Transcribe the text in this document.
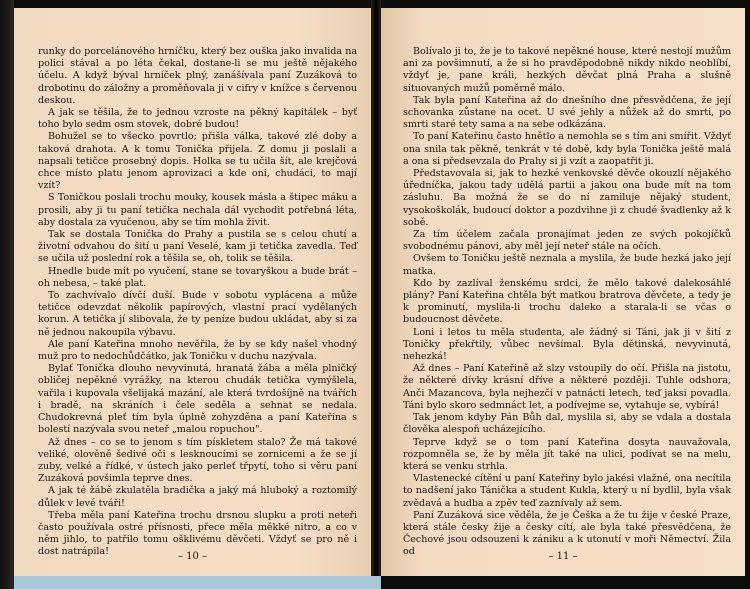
runky do porcelánového hrníčku, který bez ouška jako invalida na polici stával a po léta čekal, dostane-li se mu ještě nějakého účelu. A když býval hrníček plný, zanášívala paní Zuzáková to drobotinu do záložny a proměňovala ji v cifry v knížce s červenou deskou.

A jak se těšila, že to jednou vzroste na pěkný kapitálek – byť toho bylo sedm osm stovek, dobré budou!

Bohužel se to všecko povrtlo; přišla válka, takové zlé doby a taková drahota. A k tomu Tonička přijela. Z domu ji poslali a napsali tetičce prosebný dopis. Holka se tu učila šít, ale krejčová chce místo platu jenom aprovizaci a kde oni, chudáci, to mají vzít?

S Toničkou poslali trochu mouky, kousek másla a štipec máku a prosili, aby ji tu paní tetička nechala dál vychodit potřebná léta, aby dostala za vyučenou, aby se tím mohla živit.

Tak se dostala Tonička do Prahy a pustila se s celou chutí a životní odvahou do šití u paní Veselé, kam ji tetička zavedla. Teď se učila už poslední rok a těšila se, oh, tolik se těšila.

Hnedle bude mít po vyučení, stane se tovaryškou a bude brát – oh nebesa, – také plat.

To zachvívalo dívčí duší. Bude v sobotu vyplácena a může tetičce odevzdat několik papírových, vlastní prací vydělaných korun. A tetička jí slibovala, že ty peníze budou ukládat, aby si za ně jednou nakoupila výbavu.

Ale paní Kateřina mnoho nevěřila, že by se kdy našel vhodný muž pro to nedochůdčátko, jak Toničku v duchu nazývala.

Bylať Tonička dlouho nevyvinutá, hranatá žába a měla plničký obličej nepěkné vyrážky, na kterou chudák tetička vymýšlela, vařila i kupovala všelijaká mazání, ale která tvrdošíjně na tvářích i bradě, na skráních i čele seděla a sehnat se nedala. Chudokrevná pleť tím byla úplně zohyzděna a paní Kateřina s bolestí nazývala svou neteř „malou ropuchou".

Až dnes – co se to jenom s tím pískletem stalo? Že má takové veliké, olověně šedivé oči s lesknoucími se zornicemi a že se jí zuby, velké a řídké, v ústech jako perleť třpytí, toho si věru paní Zuzáková povšimla teprve dnes.

A jak té žábě zkulatěla bradička a jaký má hluboký a roztomilý důlek v levé tváři!

Třeba měla paní Kateřina trochu drsnou slupku a proti neteři často používala ostré přísnosti, přece měla měkké nitro, a co v něm jihlo, to patřilo tomu ošklivému děvčeti. Vždyť se pro ně i dost natrápila!	– 10 –

Bolívalo ji to, že je to takové nepěkné house, které nestojí mužům ani za povšimnutí, a že si ho pravděpodobně nikdy nikdo neoblíbí, vždyť je, pane králi, hezkých děvčat plná Praha a slušně situovaných mužů poměrně málo.

Tak byla paní Kateřina až do dnešního dne přesvědčena, že její schovanka zůstane na ocet. U své jehly a nůžek až do smrti, po smrti staré tety sama a na sebe odkázána.

To paní Kateřinu často hnětlo a nemohla se s tím ani smířit. Vždyť ona snila tak pěkně, tenkrát v té době, kdy byla Tonička ještě malá a ona si předsevzala do Prahy si ji vzít a zaopatřit ji.

Představovala si, jak to hezké venkovské děvče okouzlí nějakého úředníčka, jakou tady udělá partii a jakou ona bude mít na tom zásluhu. Ba možná že se do ní zamiluje nějaký student, vysokoškolák, budoucí doktor a pozdvihne ji z chudé švadlenky až k sobě.

Za tím účelem začala pronajímat jeden ze svých pokojíčků svobodnému pánovi, aby měl její neteř stále na očích.

Ovšem to Toničku ještě neznala a myslila, že bude hezká jako její matka.

Kdo by zazlíval ženskému srdci, že mělo takové dalekosáhlé plány? Paní Kateřina chtěla být matkou bratrova děvčete, a tedy je k prominutí, myslila-li trochu daleko a starala-li se včas o budoucnost děvčete.

Loni i letos tu měla studenta, ale žádný si Táni, jak ji v šití z Toničky překřtily, vůbec nevšímal. Byla dětinská, nevyvinutá, nehezká!

Až dnes – Paní Kateřině až slzy vstoupily do očí. Přišla na jistotu, že některé dívky krásní dříve a některé později. Tuhle odshora, Anči Mazancova, byla nejhezčí v patnácti letech, teď jaksi povadla. Táni bylo skoro sedmnáct let, a podívejme se, vytahuje se, vybírá!

Tak jenom kdyby Pán Bůh dal, myslila si, aby se vdala a dostala člověka alespoň ucházejícího.

Teprve když se o tom paní Kateřina dosyta nauvažovala, rozpomněla se, že by měla jít také na ulici, podívat se na melu, která se venku strhla.

Vlastenecké cítění u paní Kateřiny bylo jakési vlažné, ona necítila to nadšení jako Tánička a student Kukla, který u ní bydlil, byla však zvědavá a hudba a zpěv teď zaznívaly až sem.

Paní Zuzáková sice věděla, že je Češka a že tu žije v české Praze, která stále česky žije a česky cítí, ale byla také přesvědčena, že Čechové jsou odsouzeni k zániku a k utonutí v moři Němectví. Žila od	– 11 –
